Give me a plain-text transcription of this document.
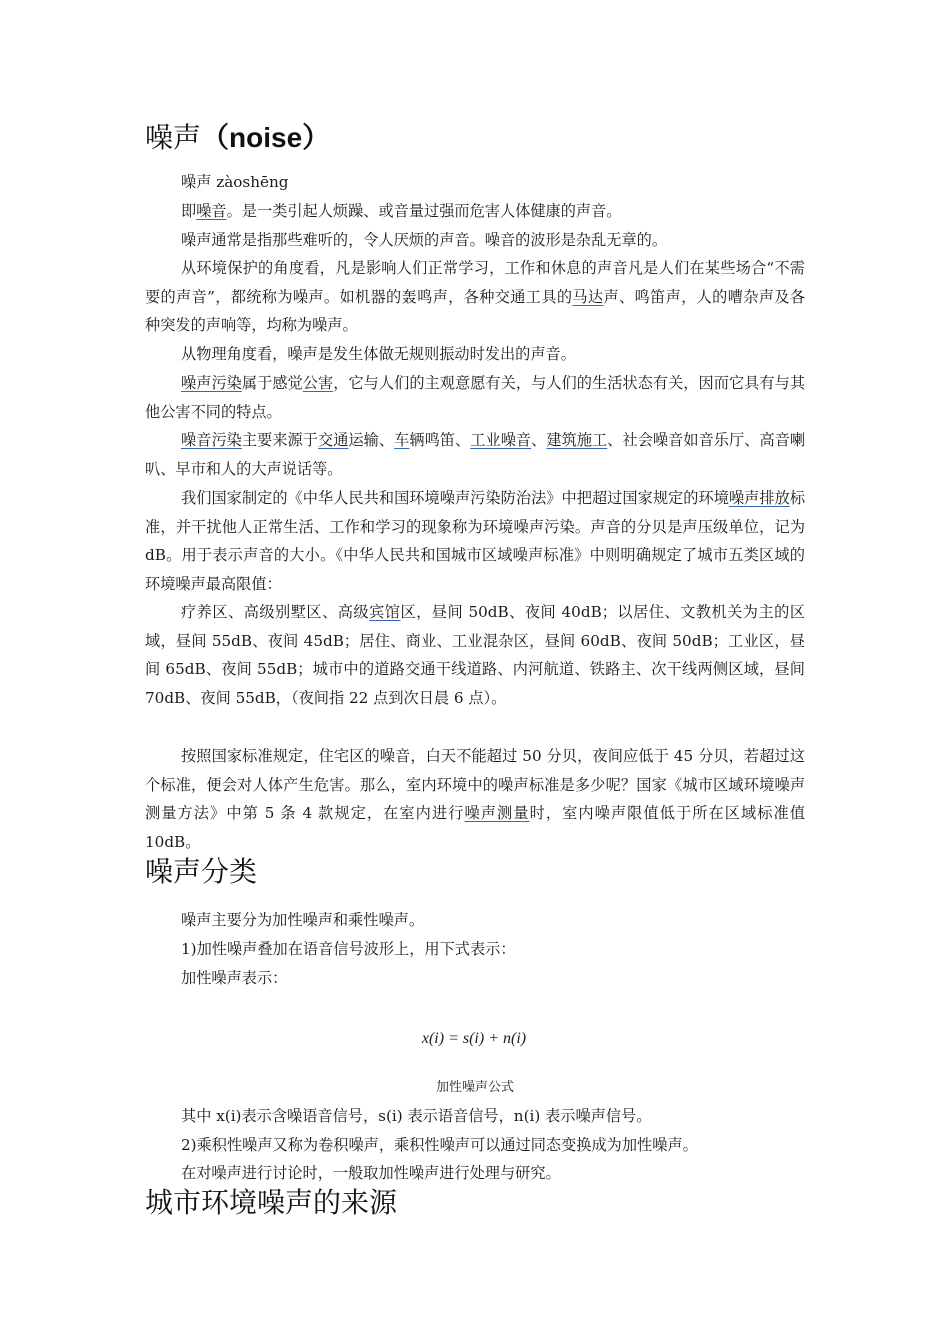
噪声（noise）

噪声 zàoshēng

即噪音。是一类引起人烦躁、或音量过强而危害人体健康的声音。

噪声通常是指那些难听的，令人厌烦的声音。噪音的波形是杂乱无章的。

从环境保护的角度看，凡是影响人们正常学习，工作和休息的声音凡是人们在某些场合“不需要的声音”，都统称为噪声。如机器的轰鸣声，各种交通工具的马达声、鸣笛声，人的嘈杂声及各种突发的声响等，均称为噪声。

从物理角度看，噪声是发生体做无规则振动时发出的声音。

噪声污染属于感觉公害，它与人们的主观意愿有关，与人们的生活状态有关，因而它具有与其他公害不同的特点。

噪音污染主要来源于交通运输、车辆鸣笛、工业噪音、建筑施工、社会噪音如音乐厅、高音喇叭、早市和人的大声说话等。

我们国家制定的《中华人民共和国环境噪声污染防治法》中把超过国家规定的环境噪声排放标准，并干扰他人正常生活、工作和学习的现象称为环境噪声污染。声音的分贝是声压级单位，记为 dB。用于表示声音的大小。《中华人民共和国城市区域噪声标准》中则明确规定了城市五类区域的环境噪声最高限值：

疗养区、高级别墅区、高级宾馆区，昼间 50dB、夜间 40dB；以居住、文教机关为主的区域，昼间 55dB、夜间 45dB；居住、商业、工业混杂区，昼间 60dB、夜间 50dB；工业区，昼间 65dB、夜间 55dB；城市中的道路交通干线道路、内河航道、铁路主、次干线两侧区域，昼间 70dB、夜间 55dB，（夜间指 22 点到次日晨 6 点）。

按照国家标准规定，住宅区的噪音，白天不能超过 50 分贝，夜间应低于 45 分贝，若超过这个标准，便会对人体产生危害。那么，室内环境中的噪声标准是多少呢？国家《城市区域环境噪声测量方法》中第 5 条 4 款规定，在室内进行噪声测量时，室内噪声限值低于所在区域标准值 10dB。

噪声分类

噪声主要分为加性噪声和乘性噪声。

1)加性噪声叠加在语音信号波形上，用下式表示：

加性噪声表示：

x(i) = s(i) + n(i)
加性噪声公式

其中 x(i)表示含噪语音信号，s(i) 表示语音信号，n(i) 表示噪声信号。

2)乘积性噪声又称为卷积噪声，乘积性噪声可以通过同态变换成为加性噪声。

在对噪声进行讨论时，一般取加性噪声进行处理与研究。

城市环境噪声的来源
